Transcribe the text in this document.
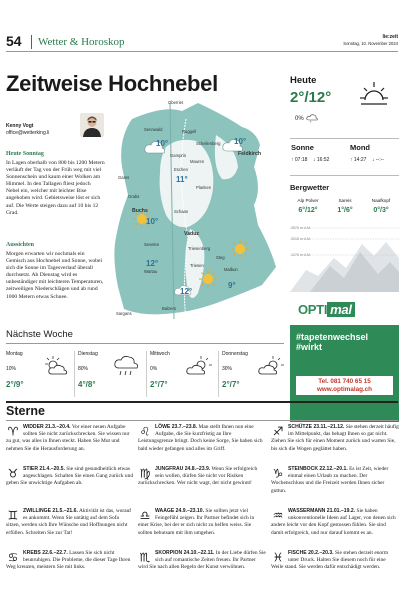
54 Wetter & Horoskop	lie:zeit
Sonntag, 10. November 2024
Zeitweise Hochnebel
Kenny Vogt
office@wetterking.li
Heute Sonntag

In Lagen oberhalb von 800 bis 1200 Metern verläuft der Tag von der Früh weg mit viel Sonnenschein und kaum einer Wolken am Himmel. In den Tallagen fliest jedoch Nebel ein, welcher mit leichter Bise angehoben wird. Gebietsweise löst er sich auf. Die Werte steigen dazu auf 10 bis 12 Grad.

Aussichten

Morgen erwarten wir nochmals ein Gemisch aus Hochnebel und Sonne, wobei sich die Sonne im Tagesverlauf überall durchsetzt. Ab Dienstag wird es unbeständiger mit leichteren Temperaturen, zeitweiligen Niederschlägen und ab rund 1000 Metern etwas Schnee.

Oberriet
Sennwald	Ruggell
Schellenberg
Gamprin
Mauren
Eschen
Feldkirch
Gams
Planken
Grabs
Buchs	Schaan
Vaduz
Sevelen
Triesenberg
Triesen
Steg
Malbun
Wartau
Balzers
Sargans
10°	10°
11°
10°
12°
12°
9°
Heute
2°/12°
0%
Sonne	Mond
↑ 07:18 ↓ 16:52	↑ 14:27 ↓ --:--
Bergwetter
Alp Polver	Sareis	Naafkopf
6°/12°	1°/6°	0°/3°
2570 m ü.M.
2015 m ü.M.
1270 m ü.M.
OPTI mal
#tapetenwechsel
#wirkt
Tel. 081 740 65 15
www.optimalag.ch
Nächste Woche
Montag
10%
2°/9°
Dienstag
80%
4°/8°
Mittwoch
0%
2°/7°
Donnerstag
30%
2°/7°
Sterne
♈ WIDDER 21.3.–20.4. Vor einer neuen Aufgabe sollten Sie nicht zurückschrecken. Sie wissen nur zu gut, was alles in Ihnen steckt. Haben Sie Mut und nehmen Sie die Herausforderung an.
♌ LÖWE 23.7.–23.8. Man stellt Ihnen nun eine Aufgabe, die Sie kurzfristig an Ihre Leistungsgrenze bringt. Doch keine Sorge, Sie haben sich bald wieder gefangen und alles im Griff.
♐ SCHÜTZE 23.11.–21.12. Sie stehen derzeit häufig im Mittelpunkt, das behagt Ihnen so gar nicht. Ziehen Sie sich für einen Moment zurück und warten Sie, bis sich die Wogen geglättet haben.
♉ STIER 21.4.–20.5. Sie sind gesundheitlich etwas angeschlagen. Schalten Sie einen Gang zurück und geben Sie unwichtige Aufgaben ab.
♍ JUNGFRAU 24.8.–23.9. Wenn Sie erfolgreich sein wollen, dürfen Sie nicht vor Risiken zurückschrecken. Wer nicht wagt, der nicht gewinnt!
♑ STEINBOCK 22.12.–20.1. Es ist Zeit, wieder einmal einen Urlaub zu machen. Der Wochenschluss und die Freizeit werden Ihnen sicher guttun.
♊ ZWILLINGE 21.5.–21.6. Aktivität ist das, worauf es ankommt. Wenn Sie untätig auf dem Sofa sitzen, werden sich Ihre Wünsche und Hoffnungen nicht erfüllen. Schreiten Sie zur Tat!
♎ WAAGE 24.9.–23.10. Sie sollten jetzt viel Feingefühl zeigen. Ihr Partner befindet sich in einer Krise, bei der er sich nicht zu helfen weiss. Sie sollten behutsam mit ihm umgehen.
♒ WASSERMANN 21.01.–19.2. Sie haben unkonventionelle Ideen auf Lager, von denen sich andere leicht vor den Kopf gestossen fühlen. Sie sind damit erfolgreich, und nur darauf kommt es an.
♋ KREBS 22.6.–22.7. Lassen Sie sich nicht beunruhigen. Die Probleme, die dieser Tage Ihren Weg kreuzen, meistern Sie mit links.
♏ SKORPION 24.10.–22.11. In der Liebe dürfen Sie sich auf romantische Zeiten freuen. Ihr Partner wird Sie nach allen Regeln der Kunst verwöhnen.
♓ FISCHE 20.2.–20.3. Sie stehen derzeit enorm unter Druck. Halten Sie diesem noch für eine Weile stand. Sie werden dafür entschädigt werden.
